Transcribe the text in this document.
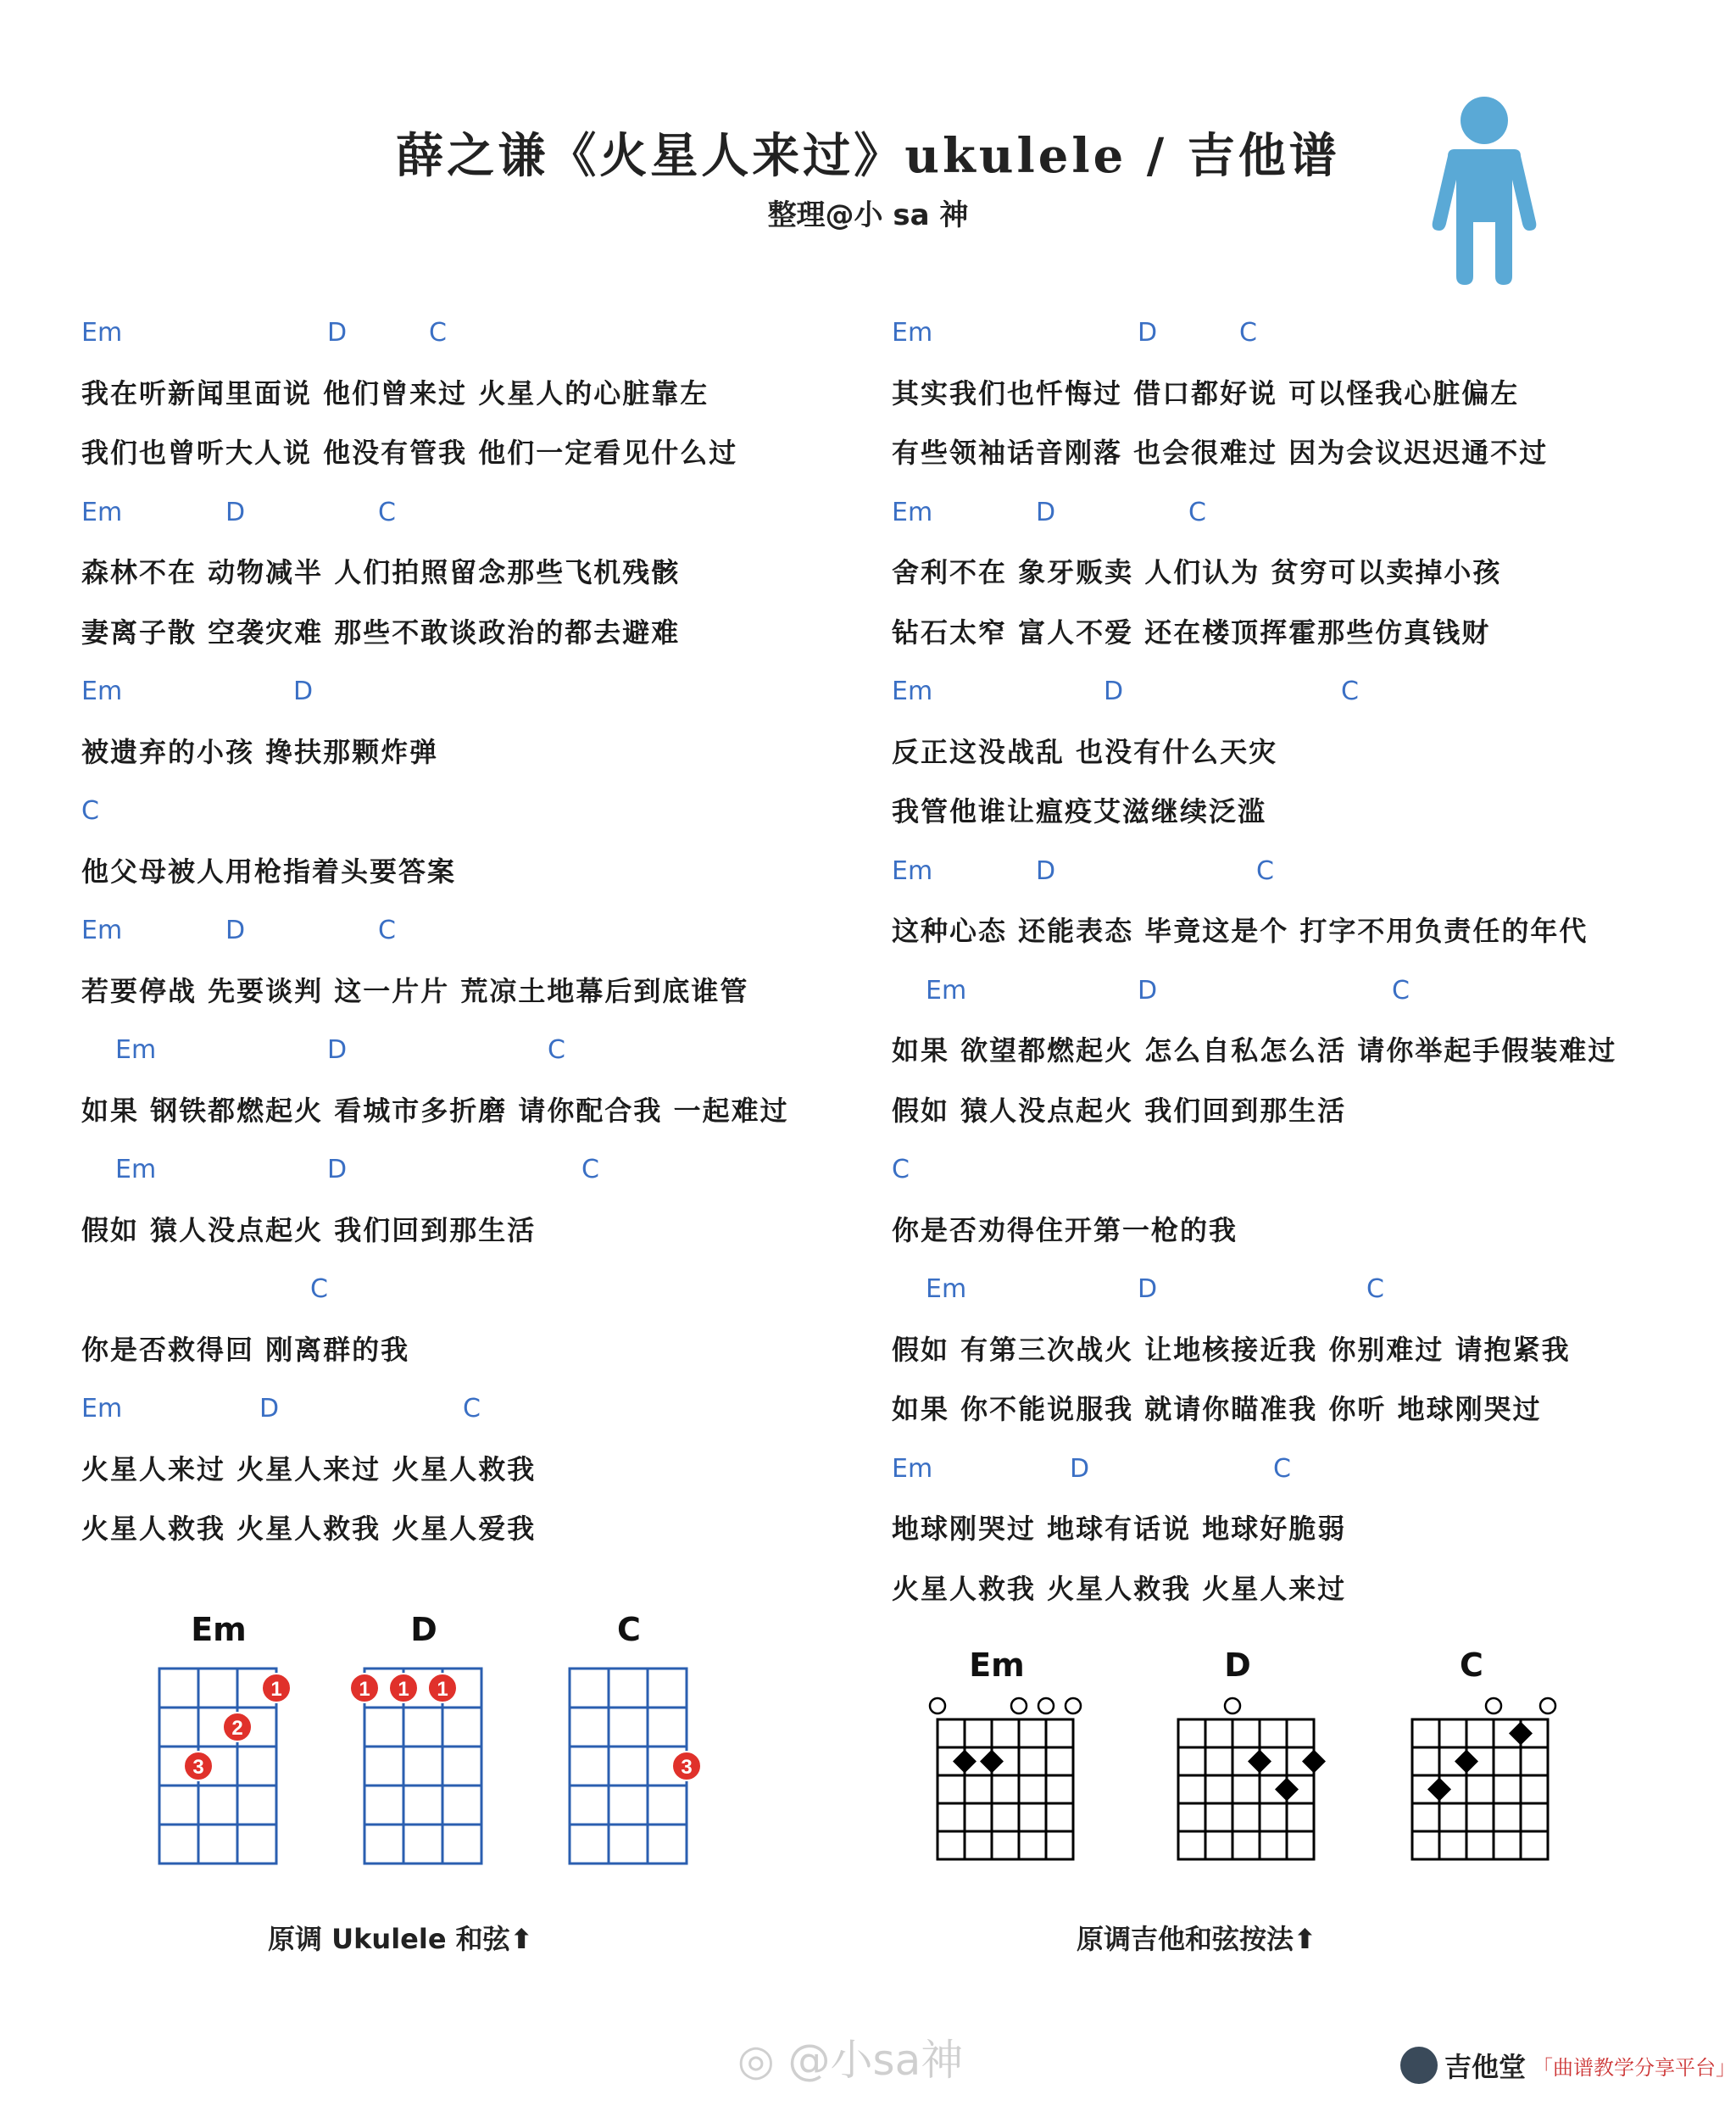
薛之谦《火星人来过》ukulele / 吉他谱
整理@小 sa 神
Em	D	C
我在听新闻里面说 他们曾来过 火星人的心脏靠左
我们也曾听大人说 他没有管我 他们一定看见什么过
Em	D	C
森林不在 动物减半 人们拍照留念那些飞机残骸
妻离子散 空袭灾难 那些不敢谈政治的都去避难
Em	D
被遗弃的小孩 搀扶那颗炸弹
C
他父母被人用枪指着头要答案
Em	D	C
若要停战 先要谈判 这一片片 荒凉土地幕后到底谁管
Em	D	C
如果 钢铁都燃起火 看城市多折磨 请你配合我 一起难过
Em	D	C
假如 猿人没点起火 我们回到那生活
C
你是否救得回 刚离群的我
Em	D	C
火星人来过 火星人来过 火星人救我
火星人救我 火星人救我 火星人爱我
Em	D	C
其实我们也忏悔过 借口都好说 可以怪我心脏偏左
有些领袖话音刚落 也会很难过 因为会议迟迟通不过
Em	D	C
舍利不在 象牙贩卖 人们认为 贫穷可以卖掉小孩
钻石太窄 富人不爱 还在楼顶挥霍那些仿真钱财
Em	D	C
反正这没战乱 也没有什么天灾
我管他谁让瘟疫艾滋继续泛滥
Em	D	C
这种心态 还能表态 毕竟这是个 打字不用负责任的年代
Em	D	C
如果 欲望都燃起火 怎么自私怎么活 请你举起手假装难过
假如 猿人没点起火 我们回到那生活
C
你是否劝得住开第一枪的我
Em	D	C
假如 有第三次战火 让地核接近我 你别难过 请抱紧我
如果 你不能说服我 就请你瞄准我 你听 地球刚哭过
Em	D	C
地球刚哭过 地球有话说 地球好脆弱
火星人救我 火星人救我 火星人来过
Em
1
2
3
D
1 1 1
C
3
Em	D	C
原调 Ukulele 和弦⬆	原调吉他和弦按法⬆
◎ @小sa神	吉他堂 「曲谱教学分享平台」
